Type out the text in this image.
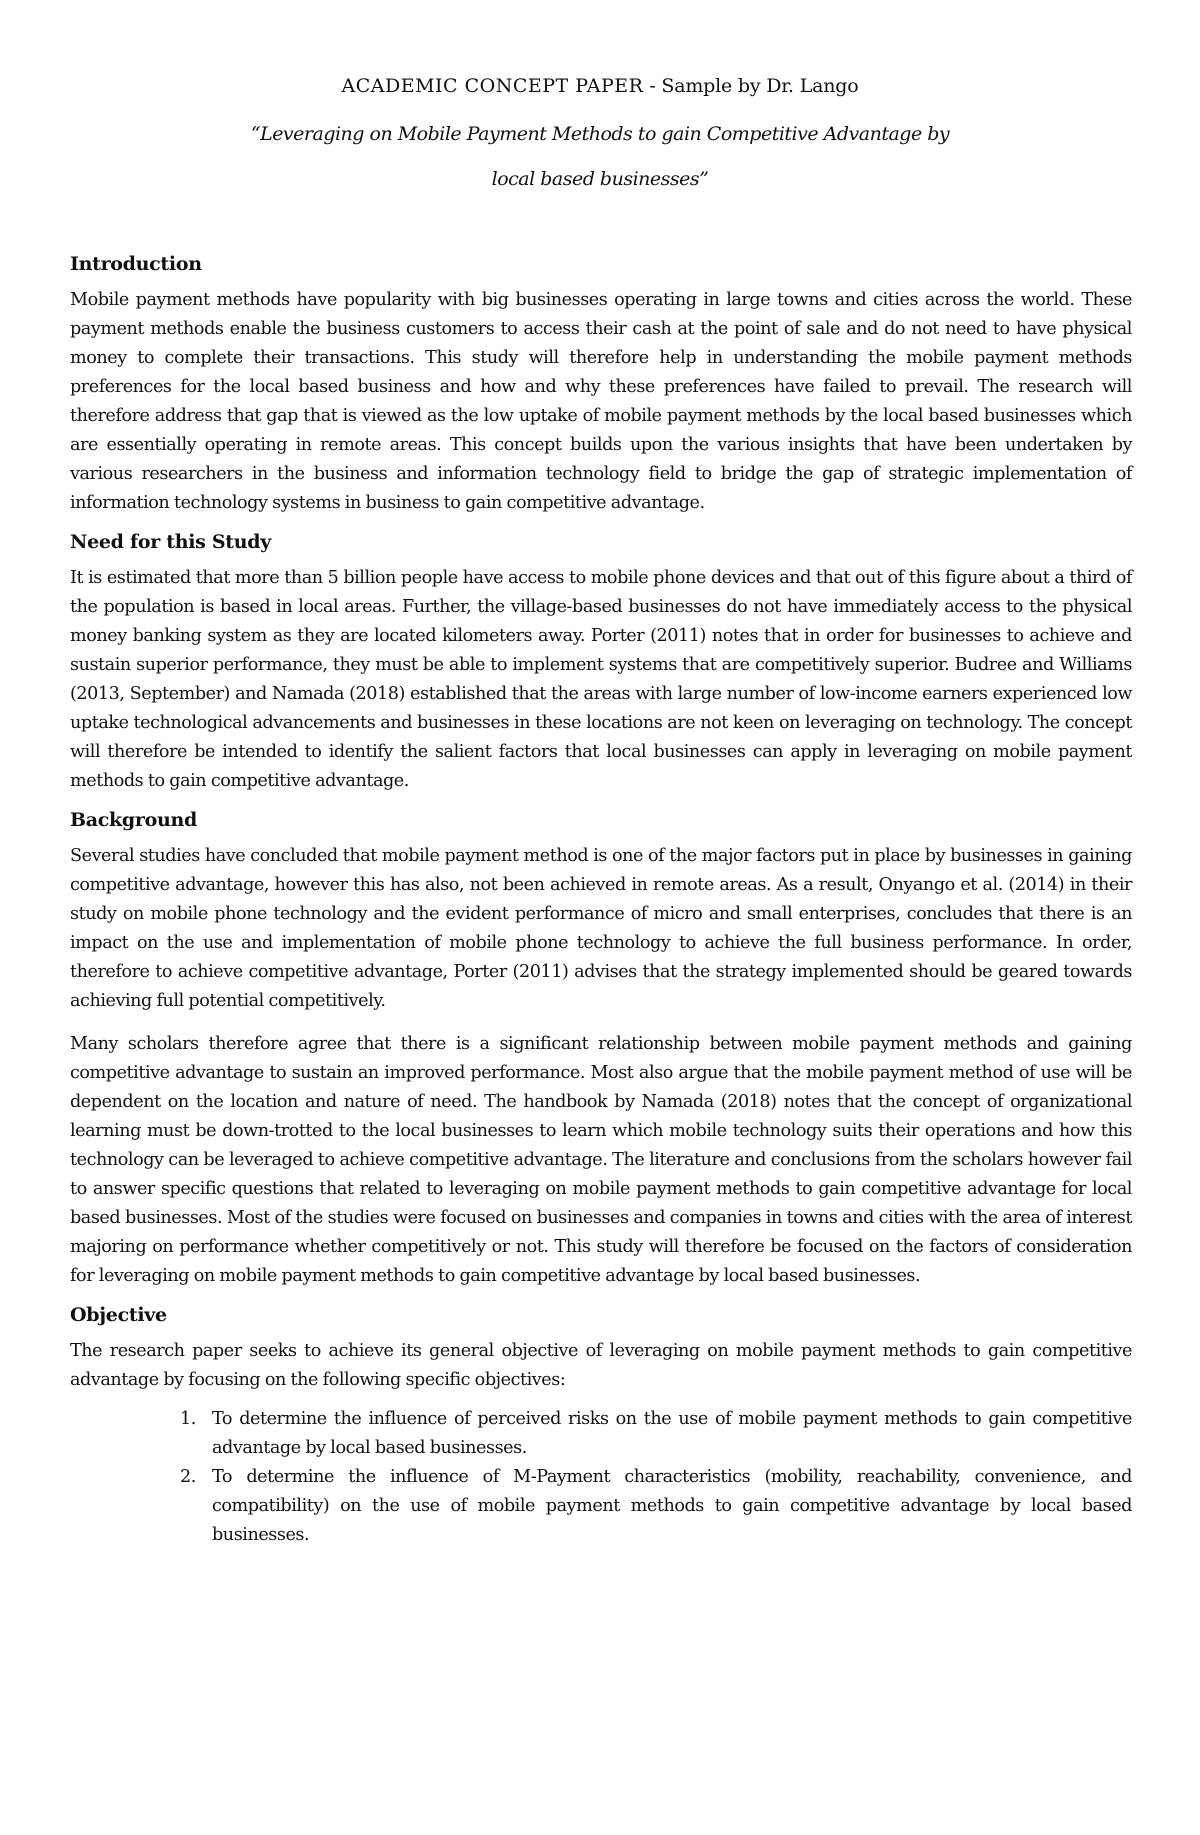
ACADEMIC CONCEPT PAPER - Sample by Dr. Lango
“Leveraging on Mobile Payment Methods to gain Competitive Advantage by local based businesses”
Introduction

Mobile payment methods have popularity with big businesses operating in large towns and cities across the world. These payment methods enable the business customers to access their cash at the point of sale and do not need to have physical money to complete their transactions. This study will therefore help in understanding the mobile payment methods preferences for the local based business and how and why these preferences have failed to prevail. The research will therefore address that gap that is viewed as the low uptake of mobile payment methods by the local based businesses which are essentially operating in remote areas. This concept builds upon the various insights that have been undertaken by various researchers in the business and information technology field to bridge the gap of strategic implementation of information technology systems in business to gain competitive advantage.

Need for this Study

It is estimated that more than 5 billion people have access to mobile phone devices and that out of this figure about a third of the population is based in local areas. Further, the village-based businesses do not have immediately access to the physical money banking system as they are located kilometers away. Porter (2011) notes that in order for businesses to achieve and sustain superior performance, they must be able to implement systems that are competitively superior. Budree and Williams (2013, September) and Namada (2018) established that the areas with large number of low-income earners experienced low uptake technological advancements and businesses in these locations are not keen on leveraging on technology. The concept will therefore be intended to identify the salient factors that local businesses can apply in leveraging on mobile payment methods to gain competitive advantage.

Background

Several studies have concluded that mobile payment method is one of the major factors put in place by businesses in gaining competitive advantage, however this has also, not been achieved in remote areas. As a result, Onyango et al. (2014) in their study on mobile phone technology and the evident performance of micro and small enterprises, concludes that there is an impact on the use and implementation of mobile phone technology to achieve the full business performance. In order, therefore to achieve competitive advantage, Porter (2011) advises that the strategy implemented should be geared towards achieving full potential competitively.

Many scholars therefore agree that there is a significant relationship between mobile payment methods and gaining competitive advantage to sustain an improved performance. Most also argue that the mobile payment method of use will be dependent on the location and nature of need. The handbook by Namada (2018) notes that the concept of organizational learning must be down-trotted to the local businesses to learn which mobile technology suits their operations and how this technology can be leveraged to achieve competitive advantage. The literature and conclusions from the scholars however fail to answer specific questions that related to leveraging on mobile payment methods to gain competitive advantage for local based businesses. Most of the studies were focused on businesses and companies in towns and cities with the area of interest majoring on performance whether competitively or not. This study will therefore be focused on the factors of consideration for leveraging on mobile payment methods to gain competitive advantage by local based businesses.

Objective

The research paper seeks to achieve its general objective of leveraging on mobile payment methods to gain competitive advantage by focusing on the following specific objectives:

1. To determine the influence of perceived risks on the use of mobile payment methods to gain competitive advantage by local based businesses.
2. To determine the influence of M-Payment characteristics (mobility, reachability, convenience, and compatibility) on the use of mobile payment methods to gain competitive advantage by local based businesses.
